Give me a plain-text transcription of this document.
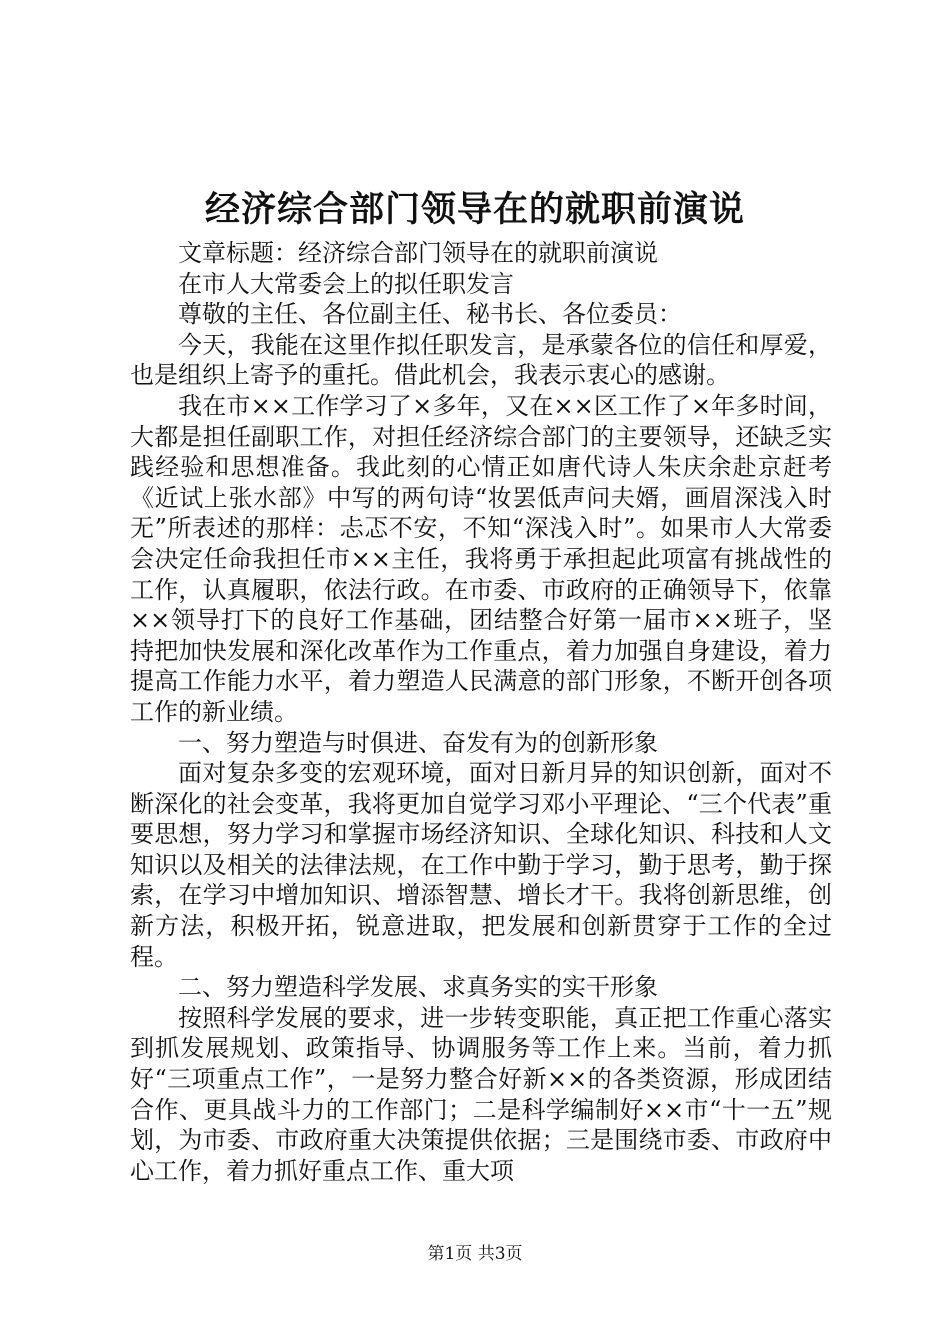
经济综合部门领导在的就职前演说

文章标题：经济综合部门领导在的就职前演说

在市人大常委会上的拟任职发言

尊敬的主任、各位副主任、秘书长、各位委员：

今天，我能在这里作拟任职发言，是承蒙各位的信任和厚爱，也是组织上寄予的重托。借此机会，我表示衷心的感谢。

我在市××工作学习了×多年，又在××区工作了×年多时间，大都是担任副职工作，对担任经济综合部门的主要领导，还缺乏实践经验和思想准备。我此刻的心情正如唐代诗人朱庆余赴京赶考《近试上张水部》中写的两句诗“妆罢低声问夫婿，画眉深浅入时无”所表述的那样：忐忑不安，不知“深浅入时”。如果市人大常委会决定任命我担任市××主任，我将勇于承担起此项富有挑战性的工作，认真履职，依法行政。在市委、市政府的正确领导下，依靠××领导打下的良好工作基础，团结整合好第一届市××班子，坚持把加快发展和深化改革作为工作重点，着力加强自身建设，着力提高工作能力水平，着力塑造人民满意的部门形象，不断开创各项工作的新业绩。

一、努力塑造与时俱进、奋发有为的创新形象

面对复杂多变的宏观环境，面对日新月异的知识创新，面对不断深化的社会变革，我将更加自觉学习邓小平理论、“三个代表”重要思想，努力学习和掌握市场经济知识、全球化知识、科技和人文知识以及相关的法律法规，在工作中勤于学习，勤于思考，勤于探索，在学习中增加知识、增添智慧、增长才干。我将创新思维，创新方法，积极开拓，锐意进取，把发展和创新贯穿于工作的全过程。

二、努力塑造科学发展、求真务实的实干形象

按照科学发展的要求，进一步转变职能，真正把工作重心落实到抓发展规划、政策指导、协调服务等工作上来。当前，着力抓好“三项重点工作”，一是努力整合好新××的各类资源，形成团结合作、更具战斗力的工作部门；二是科学编制好××市“十一五”规划，为市委、市政府重大决策提供依据；三是围绕市委、市政府中心工作，着力抓好重点工作、重大项

第1页 共3页
